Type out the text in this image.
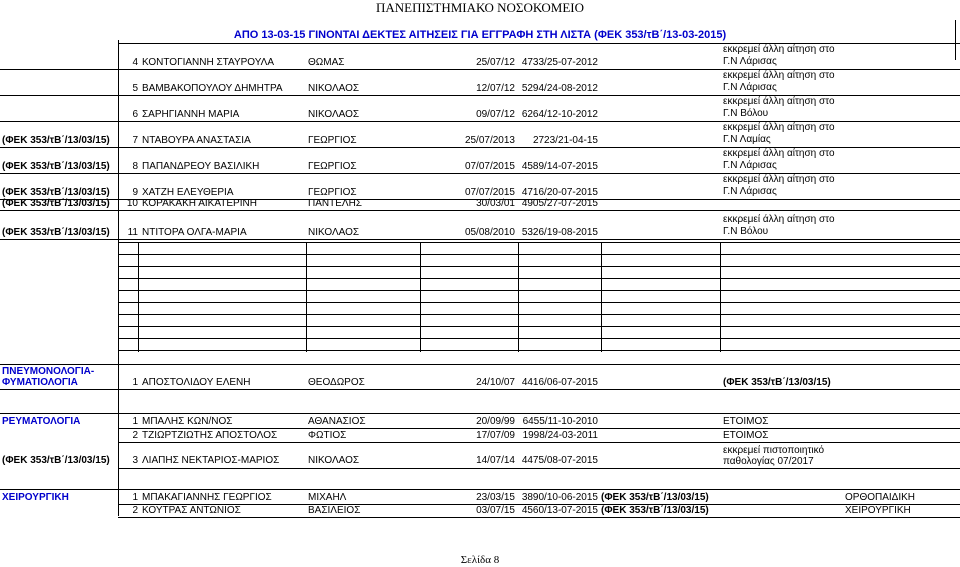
ΠΑΝΕΠΙΣΤΗΜΙΑΚΟ ΝΟΣΟΚΟΜΕΙΟ
ΑΠΟ 13-03-15 ΓΙΝΟΝΤΑΙ ΔΕΚΤΕΣ ΑΙΤΗΣΕΙΣ ΓΙΑ ΕΓΓΡΑΦΗ ΣΤΗ ΛΙΣΤΑ (ΦΕΚ 353/τΒ΄/13-03-2015)
4 ΚΟΝΤΟΓΙΑΝΝΗ ΣΤΑΥΡΟΥΛΑ	ΘΩΜΑΣ	25/07/12 4733/25-07-2012
εκκρεμεί άλλη αίτηση στο
Γ.Ν Λάρισας
5 ΒΑΜΒΑΚΟΠΟΥΛΟΥ ΔΗΜΗΤΡΑ	ΝΙΚΟΛΑΟΣ	12/07/12 5294/24-08-2012
εκκρεμεί άλλη αίτηση στο
Γ.Ν Λάρισας
6 ΣΑΡΗΓΙΑΝΝΗ ΜΑΡΙΑ	ΝΙΚΟΛΑΟΣ	09/07/12 6264/12-10-2012
εκκρεμεί άλλη αίτηση στο
Γ.Ν Βόλου
(ΦΕΚ 353/τΒ΄/13/03/15)	7 ΝΤΑΒΟΥΡΑ ΑΝΑΣΤΑΣΙΑ	ΓΕΩΡΓΙΟΣ	25/07/2013	2723/21-04-15
εκκρεμεί άλλη αίτηση στο
Γ.Ν Λαμίας
(ΦΕΚ 353/τΒ΄/13/03/15)	8 ΠΑΠΑΝΔΡΕΟΥ ΒΑΣΙΛΙΚΗ	ΓΕΩΡΓΙΟΣ	07/07/2015 4589/14-07-2015
εκκρεμεί άλλη αίτηση στο
Γ.Ν Λάρισας
(ΦΕΚ 353/τΒ΄/13/03/15)	9 ΧΑΤΖΗ ΕΛΕΥΘΕΡΙΑ	ΓΕΩΡΓΙΟΣ	07/07/2015 4716/20-07-2015
εκκρεμεί άλλη αίτηση στο
Γ.Ν Λάρισας
(ΦΕΚ 353/τΒ΄/13/03/15)	10 ΚΟΡΑΚΑΚΗ ΑΙΚΑΤΕΡΙΝΗ	ΠΑΝΤΕΛΗΣ	30/03/01 4905/27-07-2015
(ΦΕΚ 353/τΒ΄/13/03/15)	11 ΝΤΙΤΟΡΑ ΟΛΓΑ-ΜΑΡΙΑ	ΝΙΚΟΛΑΟΣ	05/08/2010 5326/19-08-2015
εκκρεμεί άλλη αίτηση στο
Γ.Ν Βόλου
ΠΝΕΥΜΟΝΟΛΟΓΙΑ-
ΦΥΜΑΤΙΟΛΟΓΙΑ	1 ΑΠΟΣΤΟΛΙΔΟΥ ΕΛΕΝΗ	ΘΕΟΔΩΡΟΣ	24/10/07 4416/06-07-2015	(ΦΕΚ 353/τΒ΄/13/03/15)
ΡΕΥΜΑΤΟΛΟΓΙΑ	1 ΜΠΑΛΗΣ ΚΩΝ/ΝΟΣ	ΑΘΑΝΑΣΙΟΣ	20/09/99 6455/11-10-2010	ΕΤΟΙΜΟΣ
2 ΤΖΙΩΡΤΖΙΩΤΗΣ ΑΠΟΣΤΟΛΟΣ	ΦΩΤΙΟΣ	17/07/09 1998/24-03-2011	ΕΤΟΙΜΟΣ
(ΦΕΚ 353/τΒ΄/13/03/15)	3 ΛΙΑΠΗΣ ΝΕΚΤΑΡΙΟΣ-ΜΑΡΙΟΣ	ΝΙΚΟΛΑΟΣ	14/07/14 4475/08-07-2015
εκκρεμεί πιστοποιητικό
παθολογίας 07/2017
ΧΕΙΡΟΥΡΓΙΚΗ	1 ΜΠΑΚΑΓΙΑΝΝΗΣ ΓΕΩΡΓΙΟΣ	ΜΙΧΑΗΛ	23/03/15 3890/10-06-2015 (ΦΕΚ 353/τΒ΄/13/03/15)	ΟΡΘΟΠΑΙΔΙΚΗ
2 ΚΟΥΤΡΑΣ ΑΝΤΩΝΙΟΣ	ΒΑΣΙΛΕΙΟΣ	03/07/15 4560/13-07-2015 (ΦΕΚ 353/τΒ΄/13/03/15)	ΧΕΙΡΟΥΡΓΙΚΗ
Σελίδα 8
